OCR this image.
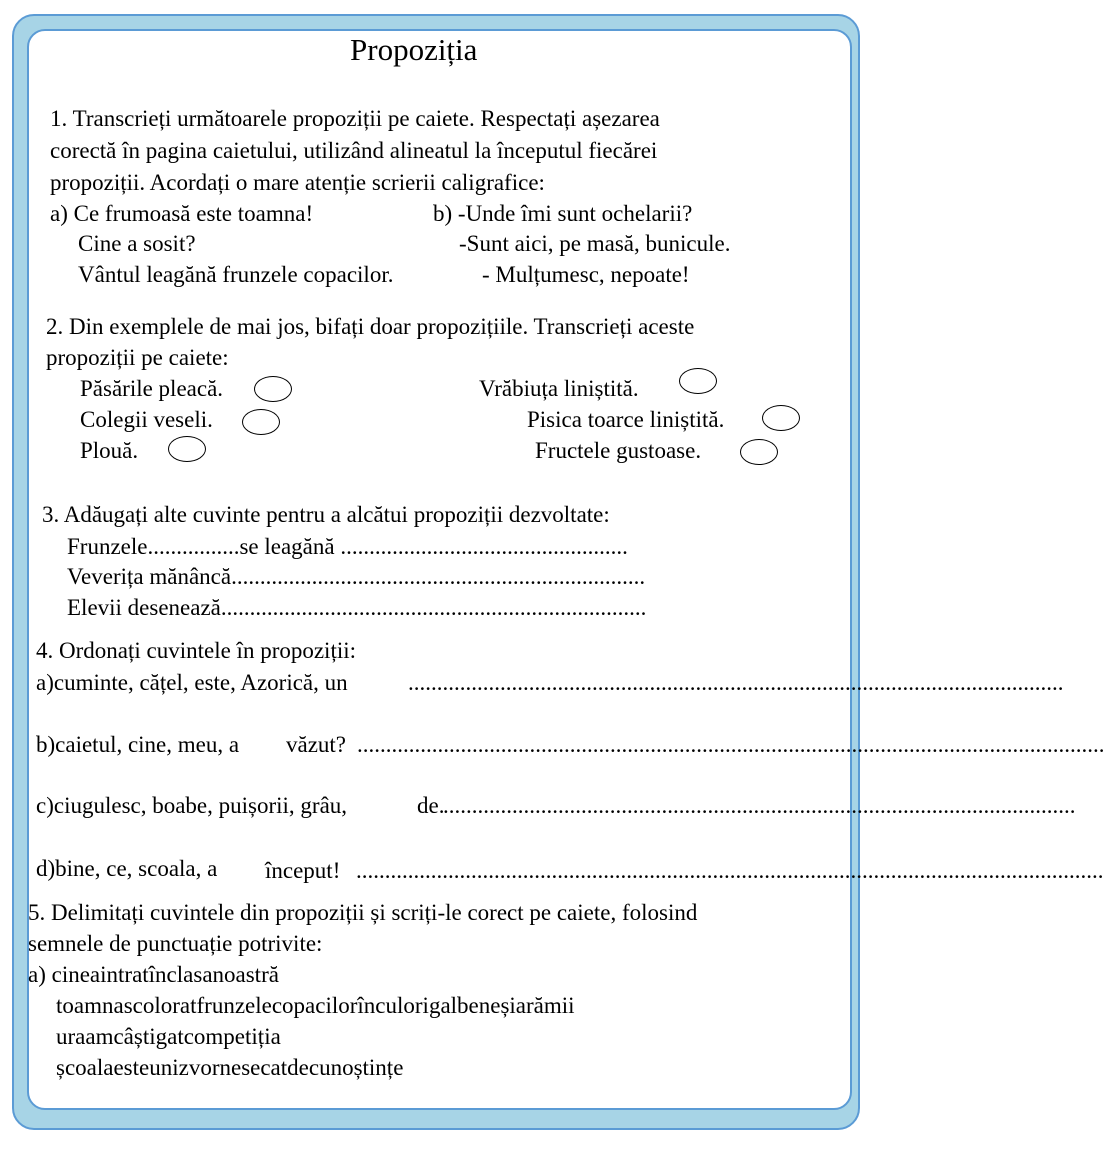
Propoziția
1. Transcrieți următoarele propoziții pe caiete. Respectați așezarea
corectă în pagina caietului, utilizând alineatul la începutul fiecărei
propoziții. Acordați o mare atenție scrierii caligrafice:
a) Ce frumoasă este toamna!
Cine a sosit?
Vântul leagănă frunzele copacilor.
b) -Unde îmi sunt ochelarii?
-Sunt aici, pe masă, bunicule.
- Mulțumesc, nepoate!
2. Din exemplele de mai jos, bifați doar propozițiile. Transcrieți aceste
propoziții pe caiete:
Păsările pleacă.
Colegii veseli.
Plouă.
Vrăbiuța liniștită.
Pisica toarce liniștită.
Fructele gustoase.
3. Adăugați alte cuvinte pentru a alcătui propoziții dezvoltate:
Frunzele................se leagănă ..................................................
Veverița mănâncă........................................................................
Elevii desenează..........................................................................
4. Ordonați cuvintele în propoziții:
a)cuminte, cățel, este, Azorică, un	..................................................................................................................
b)caietul, cine, meu, a văzut? ..................................................................................................................................
c)ciugulesc, boabe, puișorii, grâu,	de.
..............................................................................................................
d)bine, ce, scoala, a început! ..................................................................................................................................
5. Delimitați cuvintele din propoziții și scriți-le corect pe caiete, folosind
semnele de punctuație potrivite:
a) cineaintratînclasanoastră
toamnascoloratfrunzelecopacilorînculorigalbeneșiarămii
uraamcâștigatcompetiția
școalaesteunizvornesecatdecunoștințe
